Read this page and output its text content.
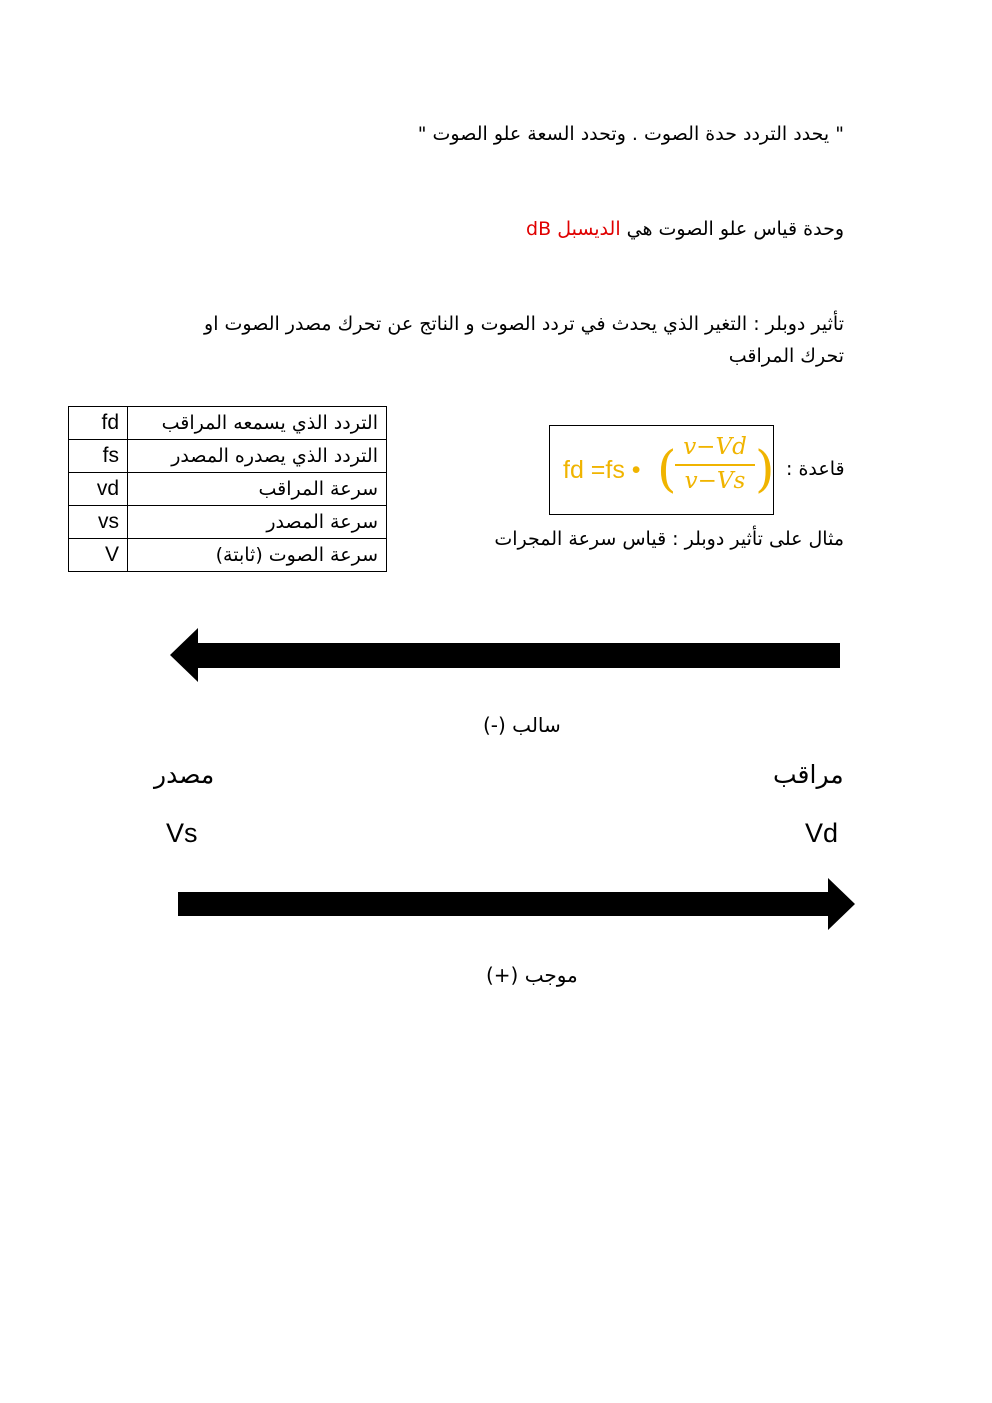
" يحدد التردد حدة الصوت . وتحدد السعة علو الصوت "
وحدة قياس علو الصوت هي الديسبل dB
تأثير دوبلر : التغير الذي يحدث في تردد الصوت و الناتج عن تحرك مصدر الصوت او تحرك المراقب
fd	التردد الذي يسمعه المراقب
fs	التردد الذي يصدره المصدر
vd	سرعة المراقب
vs	سرعة المصدر
V	سرعة الصوت (ثابتة)
fd =fs • ( v−Vd
v−Vs ) قاعدة :
مثال على تأثير دوبلر : قياس سرعة المجرات
سالب (-)
مراقب
مصدر
Vd
Vs
موجب (+)
